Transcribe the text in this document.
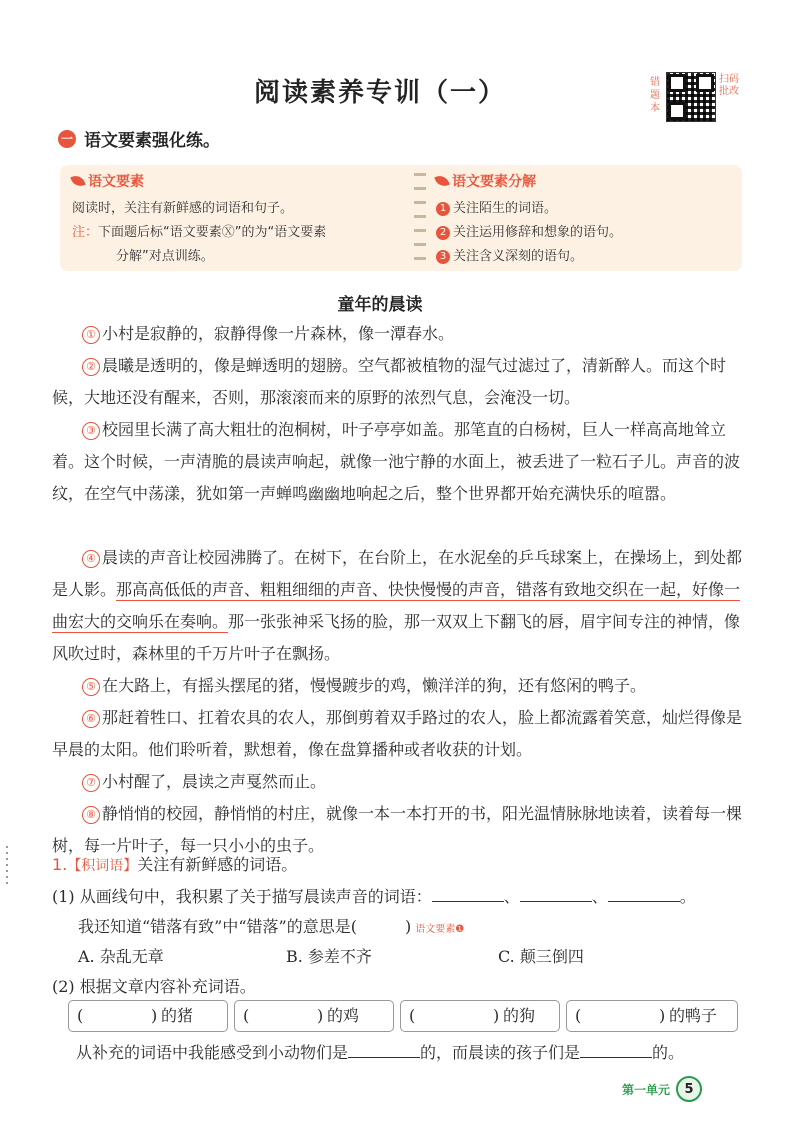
阅读素养专训（一）	错题本
扫码批改
一 语文要素强化练。
语文要素
阅读时，关注有新鲜感的词语和句子。
注：下面题后标“语文要素Ⓧ”的为“语文要素
分解”对点训练。
语文要素分解
1 关注陌生的词语。
2 关注运用修辞和想象的语句。
3 关注含义深刻的语句。
童年的晨读
① 小村是寂静的，寂静得像一片森林，像一潭春水。
② 晨曦是透明的，像是蝉透明的翅膀。空气都被植物的湿气过滤过了，清新醉人。而这个时候，大地还没有醒来，否则，那滚滚而来的原野的浓烈气息，会淹没一切。
③ 校园里长满了高大粗壮的泡桐树，叶子亭亭如盖。那笔直的白杨树，巨人一样高高地耸立着。这个时候，一声清脆的晨读声响起，就像一池宁静的水面上，被丢进了一粒石子儿。声音的波纹，在空气中荡漾，犹如第一声蝉鸣幽幽地响起之后，整个世界都开始充满快乐的喧嚣。
④ 晨读的声音让校园沸腾了。在树下，在台阶上，在水泥垒的乒乓球案上，在操场上，到处都是人影。那高高低低的声音、粗粗细细的声音、快快慢慢的声音，错落有致地交织在一起，好像一曲宏大的交响乐在奏响。那一张张神采飞扬的脸，那一双双上下翻飞的唇，眉宇间专注的神情，像风吹过时，森林里的千万片叶子在飘扬。
⑤ 在大路上，有摇头摆尾的猪，慢慢踱步的鸡，懒洋洋的狗，还有悠闲的鸭子。
⑥ 那赶着牲口、扛着农具的农人，那倒剪着双手路过的农人，脸上都流露着笑意，灿烂得像是早晨的太阳。他们聆听着，默想着，像在盘算播种或者收获的计划。
⑦ 小村醒了，晨读之声戛然而止。
⑧ 静悄悄的校园，静悄悄的村庄，就像一本一本打开的书，阳光温情脉脉地读着，读着每一棵树，每一片叶子，每一只小小的虫子。
1.【积词语】关注有新鲜感的词语。
(1) 从画线句中，我积累了关于描写晨读声音的词语：	、	、	。
我还知道“错落有致”中“错落”的意思是(　　　) 语文要素❶
A. 杂乱无章	B. 参差不齐	C. 颠三倒四
(2) 根据文章内容补充词语。
(	) 的猪	(	) 的鸡	(	) 的狗 (	) 的鸭子
从补充的词语中我能感受到小动物们是	的，而晨读的孩子们是	的。
第一单元	5
